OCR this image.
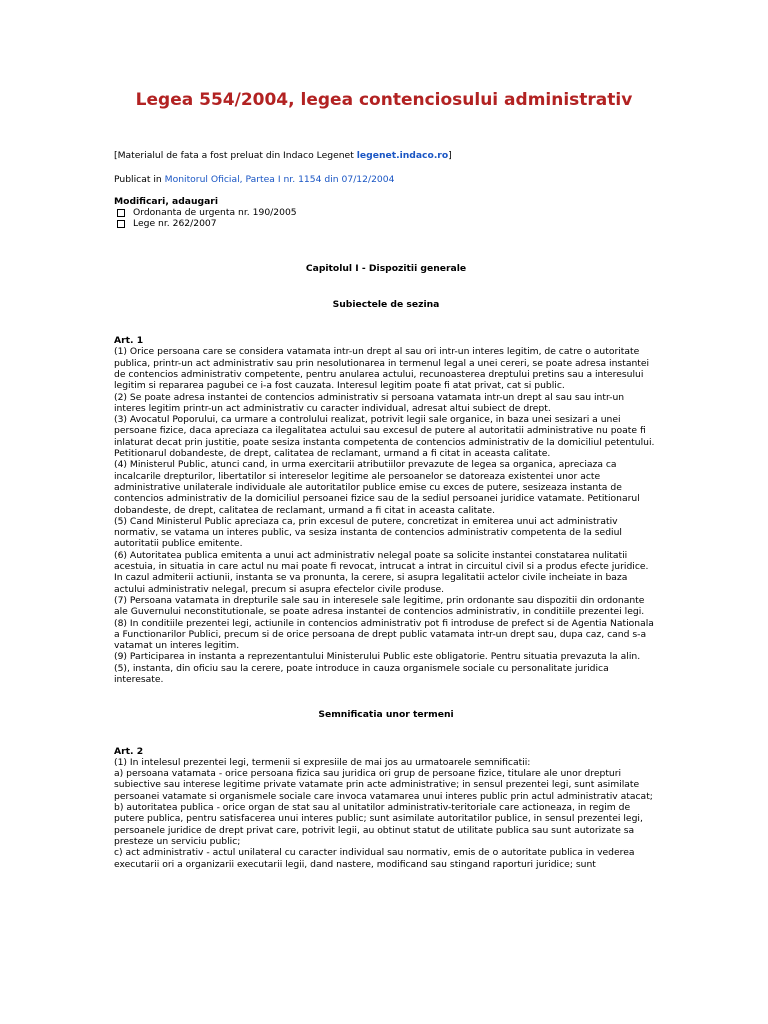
Legea 554/2004, legea contenciosului administrativ

[Materialul de fata a fost preluat din Indaco Legenet legenet.indaco.ro]

Publicat in Monitorul Oficial, Partea I nr. 1154 din 07/12/2004

Modificari, adaugari

Ordonanta de urgenta nr. 190/2005
Lege nr. 262/2007

Capitolul I - Dispozitii generale

Subiectele de sezina

Art. 1

(1) Orice persoana care se considera vatamata intr-un drept al sau ori intr-un interes legitim, de catre o autoritate publica, printr-un act administrativ sau prin nesolutionarea in termenul legal a unei cereri, se poate adresa instantei de contencios administrativ competente, pentru anularea actului, recunoasterea dreptului pretins sau a interesului legitim si repararea pagubei ce i-a fost cauzata. Interesul legitim poate fi atat privat, cat si public.

(2) Se poate adresa instantei de contencios administrativ si persoana vatamata intr-un drept al sau sau intr-un interes legitim printr-un act administrativ cu caracter individual, adresat altui subiect de drept.

(3) Avocatul Poporului, ca urmare a controlului realizat, potrivit legii sale organice, in baza unei sesizari a unei persoane fizice, daca apreciaza ca ilegalitatea actului sau excesul de putere al autoritatii administrative nu poate fi inlaturat decat prin justitie, poate sesiza instanta competenta de contencios administrativ de la domiciliul petentului. Petitionarul dobandeste, de drept, calitatea de reclamant, urmand a fi citat in aceasta calitate.

(4) Ministerul Public, atunci cand, in urma exercitarii atributiilor prevazute de legea sa organica, apreciaza ca incalcarile drepturilor, libertatilor si intereselor legitime ale persoanelor se datoreaza existentei unor acte administrative unilaterale individuale ale autoritatilor publice emise cu exces de putere, sesizeaza instanta de contencios administrativ de la domiciliul persoanei fizice sau de la sediul persoanei juridice vatamate. Petitionarul dobandeste, de drept, calitatea de reclamant, urmand a fi citat in aceasta calitate.

(5) Cand Ministerul Public apreciaza ca, prin excesul de putere, concretizat in emiterea unui act administrativ normativ, se vatama un interes public, va sesiza instanta de contencios administrativ competenta de la sediul autoritatii publice emitente.

(6) Autoritatea publica emitenta a unui act administrativ nelegal poate sa solicite instantei constatarea nulitatii acestuia, in situatia in care actul nu mai poate fi revocat, intrucat a intrat in circuitul civil si a produs efecte juridice. In cazul admiterii actiunii, instanta se va pronunta, la cerere, si asupra legalitatii actelor civile incheiate in baza actului administrativ nelegal, precum si asupra efectelor civile produse.

(7) Persoana vatamata in drepturile sale sau in interesele sale legitime, prin ordonante sau dispozitii din ordonante ale Guvernului neconstitutionale, se poate adresa instantei de contencios administrativ, in conditiile prezentei legi.

(8) In conditiile prezentei legi, actiunile in contencios administrativ pot fi introduse de prefect si de Agentia Nationala a Functionarilor Publici, precum si de orice persoana de drept public vatamata intr-un drept sau, dupa caz, cand s-a vatamat un interes legitim.

(9) Participarea in instanta a reprezentantului Ministerului Public este obligatorie. Pentru situatia prevazuta la alin. (5), instanta, din oficiu sau la cerere, poate introduce in cauza organismele sociale cu personalitate juridica interesate.

Semnificatia unor termeni

Art. 2

(1) In intelesul prezentei legi, termenii si expresiile de mai jos au urmatoarele semnificatii:

a) persoana vatamata - orice persoana fizica sau juridica ori grup de persoane fizice, titulare ale unor drepturi subiective sau interese legitime private vatamate prin acte administrative; in sensul prezentei legi, sunt asimilate persoanei vatamate si organismele sociale care invoca vatamarea unui interes public prin actul administrativ atacat;

b) autoritatea publica - orice organ de stat sau al unitatilor administrativ-teritoriale care actioneaza, in regim de putere publica, pentru satisfacerea unui interes public; sunt asimilate autoritatilor publice, in sensul prezentei legi, persoanele juridice de drept privat care, potrivit legii, au obtinut statut de utilitate publica sau sunt autorizate sa presteze un serviciu public;

c) act administrativ - actul unilateral cu caracter individual sau normativ, emis de o autoritate publica in vederea executarii ori a organizarii executarii legii, dand nastere, modificand sau stingand raporturi juridice; sunt
